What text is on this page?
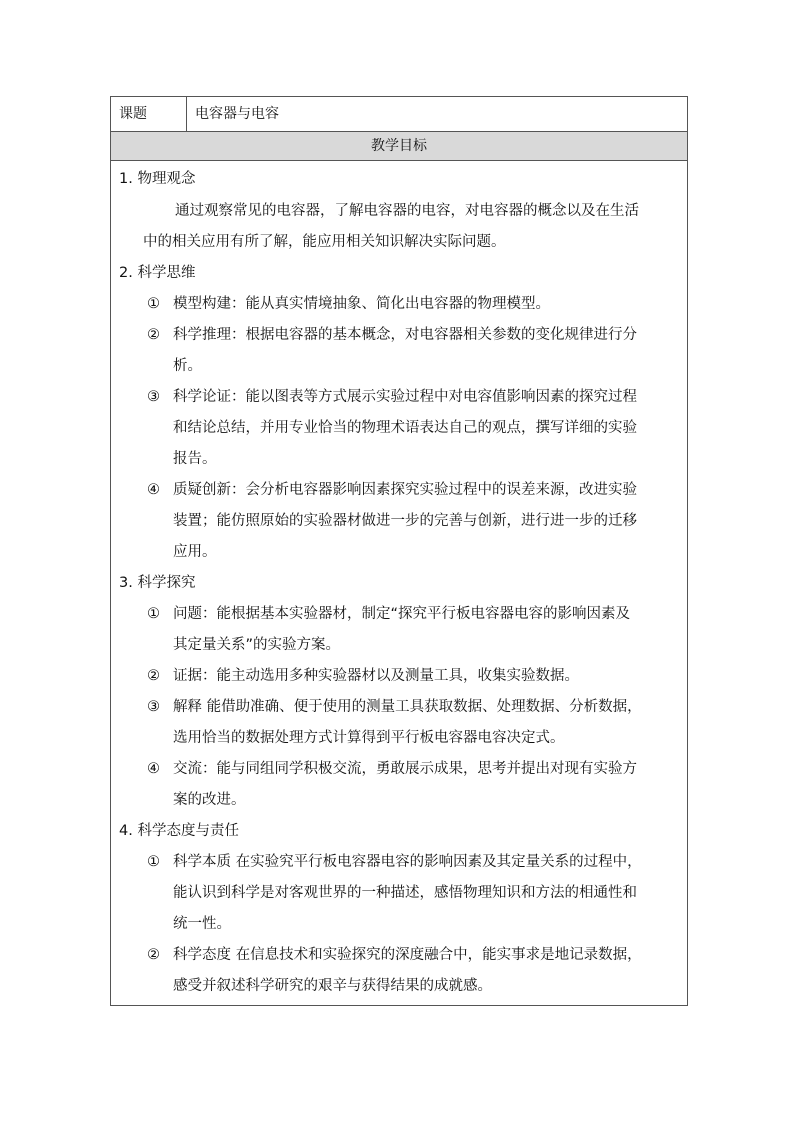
课题	电容器与电容
教学目标
1. 物理观念
通过观察常见的电容器，了解电容器的电容，对电容器的概念以及在生活
中的相关应用有所了解，能应用相关知识解决实际问题。
2. 科学思维
① 模型构建：能从真实情境抽象、简化出电容器的物理模型。
② 科学推理：根据电容器的基本概念，对电容器相关参数的变化规律进行分
析。
③ 科学论证：能以图表等方式展示实验过程中对电容值影响因素的探究过程
和结论总结，并用专业恰当的物理术语表达自己的观点，撰写详细的实验
报告。
④ 质疑创新：会分析电容器影响因素探究实验过程中的误差来源，改进实验
装置；能仿照原始的实验器材做进一步的完善与创新，进行进一步的迁移
应用。
3. 科学探究
① 问题：能根据基本实验器材，制定“探究平行板电容器电容的影响因素及
其定量关系”的实验方案。
② 证据：能主动选用多种实验器材以及测量工具，收集实验数据。
③ 解释 能借助准确、便于使用的测量工具获取数据、处理数据、分析数据，
选用恰当的数据处理方式计算得到平行板电容器电容决定式。
④ 交流：能与同组同学积极交流，勇敢展示成果，思考并提出对现有实验方
案的改进。
4. 科学态度与责任
① 科学本质 在实验究平行板电容器电容的影响因素及其定量关系的过程中，
能认识到科学是对客观世界的一种描述，感悟物理知识和方法的相通性和
统一性。
② 科学态度 在信息技术和实验探究的深度融合中，能实事求是地记录数据，
感受并叙述科学研究的艰辛与获得结果的成就感。
